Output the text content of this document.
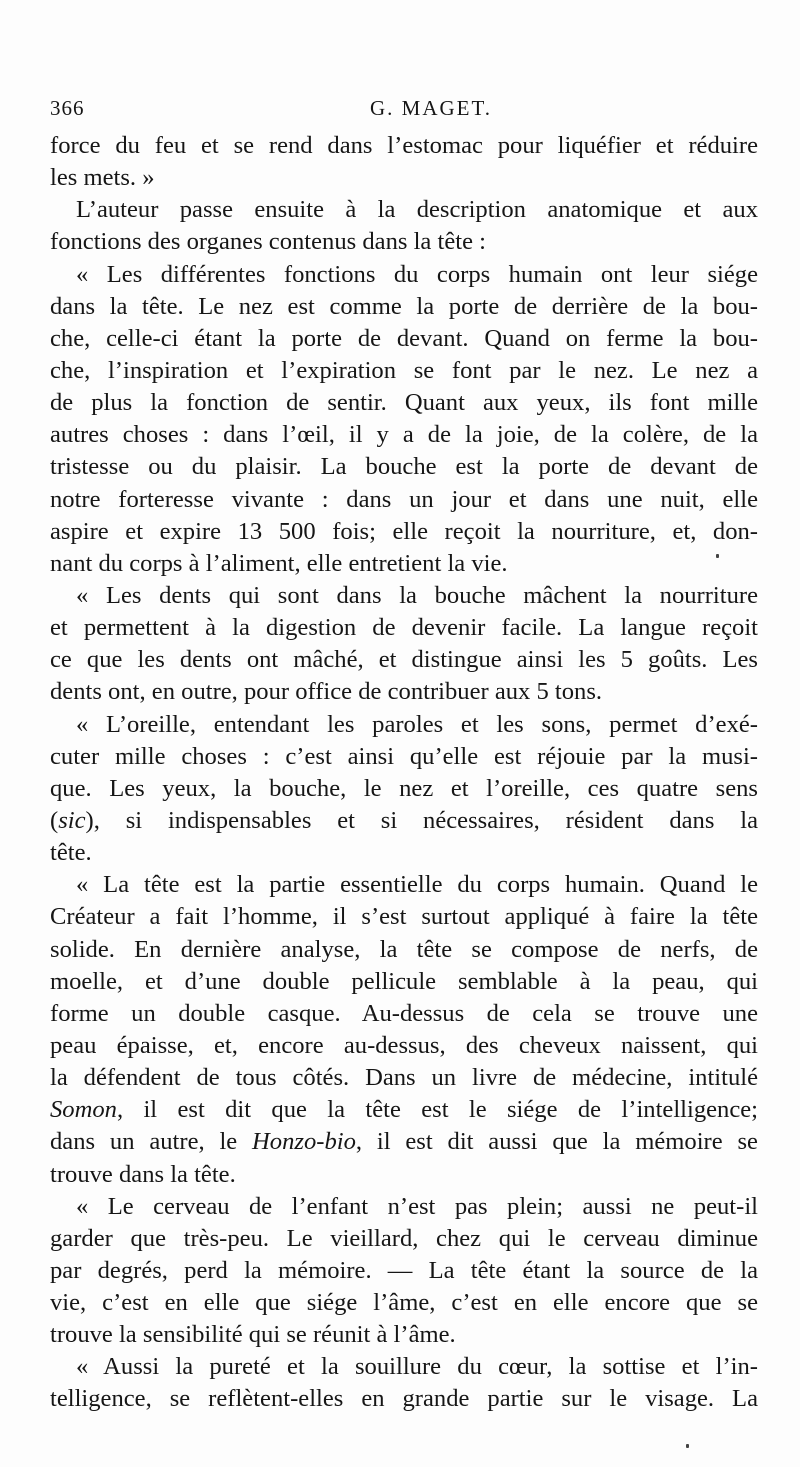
366	G. MAGET.
force du feu et se rend dans l’estomac pour liquéfier et réduire
les mets. »
L’auteur passe ensuite à la description anatomique et aux
fonctions des organes contenus dans la tête :
« Les différentes fonctions du corps humain ont leur siége
dans la tête. Le nez est comme la porte de derrière de la bou-
che, celle-ci étant la porte de devant. Quand on ferme la bou-
che, l’inspiration et l’expiration se font par le nez. Le nez a
de plus la fonction de sentir. Quant aux yeux, ils font mille
autres choses : dans l’œil, il y a de la joie, de la colère, de la
tristesse ou du plaisir. La bouche est la porte de devant de
notre forteresse vivante : dans un jour et dans une nuit, elle
aspire et expire 13 500 fois; elle reçoit la nourriture, et, don-
nant du corps à l’aliment, elle entretient la vie.
« Les dents qui sont dans la bouche mâchent la nourriture
et permettent à la digestion de devenir facile. La langue reçoit
ce que les dents ont mâché, et distingue ainsi les 5 goûts. Les
dents ont, en outre, pour office de contribuer aux 5 tons.
« L’oreille, entendant les paroles et les sons, permet d’exé-
cuter mille choses : c’est ainsi qu’elle est réjouie par la musi-
que. Les yeux, la bouche, le nez et l’oreille, ces quatre sens
(sic), si indispensables et si nécessaires, résident dans la
tête.
« La tête est la partie essentielle du corps humain. Quand le
Créateur a fait l’homme, il s’est surtout appliqué à faire la tête
solide. En dernière analyse, la tête se compose de nerfs, de
moelle, et d’une double pellicule semblable à la peau, qui
forme un double casque. Au-dessus de cela se trouve une
peau épaisse, et, encore au-dessus, des cheveux naissent, qui
la défendent de tous côtés. Dans un livre de médecine, intitulé
Somon, il est dit que la tête est le siége de l’intelligence;
dans un autre, le Honzo-bio, il est dit aussi que la mémoire se
trouve dans la tête.
« Le cerveau de l’enfant n’est pas plein; aussi ne peut-il
garder que très-peu. Le vieillard, chez qui le cerveau diminue
par degrés, perd la mémoire. — La tête étant la source de la
vie, c’est en elle que siége l’âme, c’est en elle encore que se
trouve la sensibilité qui se réunit à l’âme.
« Aussi la pureté et la souillure du cœur, la sottise et l’in-
telligence, se reflètent-elles en grande partie sur le visage. La
